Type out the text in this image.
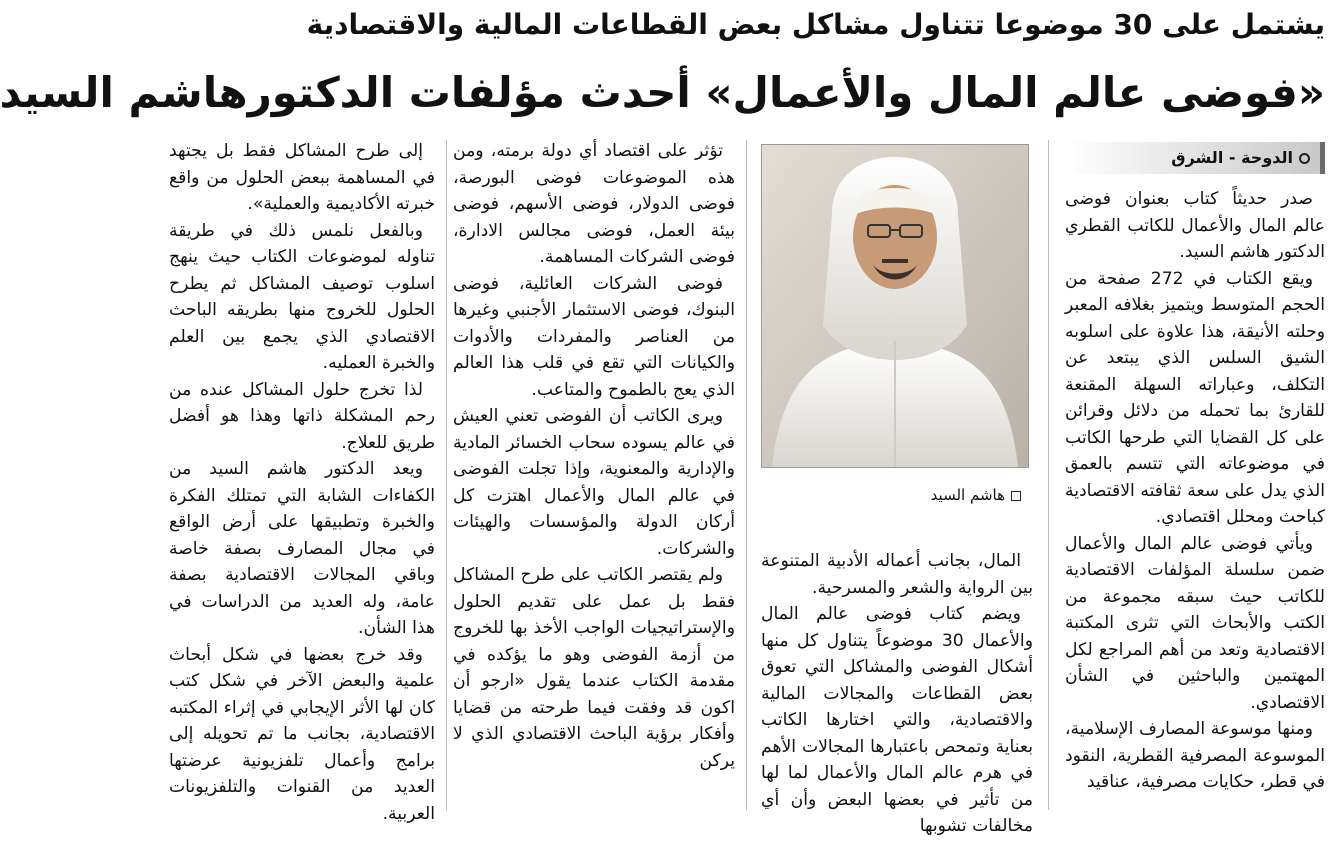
يشتمل على 30 موضوعا تتناول مشاكل بعض القطاعات المالية والاقتصادية
«فوضى عالم المال والأعمال» أحدث مؤلفات الدكتورهاشم السيد
الدوحة - الشرق

صدر حديثاً كتاب بعنوان فوضى عالم المال والأعمال للكاتب القطري الدكتور هاشم السيد.

ويقع الكتاب في 272 صفحة من الحجم المتوسط ويتميز بغلافه المعبر وحلته الأنيقة، هذا علاوة على اسلوبه الشيق السلس الذي يبتعد عن التكلف، وعباراته السهلة المقنعة للقارئ بما تحمله من دلائل وقرائن على كل القضايا التي طرحها الكاتب في موضوعاته التي تتسم بالعمق الذي يدل على سعة ثقافته الاقتصادية كباحث ومحلل اقتصادي.

ويأتي فوضى عالم المال والأعمال ضمن سلسلة المؤلفات الاقتصادية للكاتب حيث سبقه مجموعة من الكتب والأبحاث التي تثرى المكتبة الاقتصادية وتعد من أهم المراجع لكل المهتمين والباحثين في الشأن الاقتصادي.

ومنها موسوعة المصارف الإسلامية، الموسوعة المصرفية القطرية، النقود في قطر، حكايات مصرفية، عناقيد

هاشم السيد

المال، بجانب أعماله الأدبية المتنوعة بين الرواية والشعر والمسرحية.

ويضم كتاب فوضى عالم المال والأعمال 30 موضوعاً يتناول كل منها أشكال الفوضى والمشاكل التي تعوق بعض القطاعات والمجالات المالية والاقتصادية، والتي اختارها الكاتب بعناية وتمحص باعتبارها المجالات الأهم في هرم عالم المال والأعمال لما لها من تأثير في بعضها البعض وأن أي مخالفات تشوبها

تؤثر على اقتصاد أي دولة برمته، ومن هذه الموضوعات فوضى البورصة، فوضى الدولار، فوضى الأسهم، فوضى بيئة العمل، فوضى مجالس الادارة، فوضى الشركات المساهمة.

فوضى الشركات العائلية، فوضى البنوك، فوضى الاستثمار الأجنبي وغيرها من العناصر والمفردات والأدوات والكيانات التي تقع في قلب هذا العالم الذي يعج بالطموح والمتاعب.

ويرى الكاتب أن الفوضى تعني العيش في عالم يسوده سحاب الخسائر المادية والإدارية والمعنوية، وإذا تجلت الفوضى في عالم المال والأعمال اهتزت كل أركان الدولة والمؤسسات والهيئات والشركات.

ولم يقتصر الكاتب على طرح المشاكل فقط بل عمل على تقديم الحلول والإستراتيجيات الواجب الأخذ بها للخروج من أزمة الفوضى وهو ما يؤكده في مقدمة الكتاب عندما يقول «ارجو أن اكون قد وفقت فيما طرحته من قضايا وأفكار برؤية الباحث الاقتصادي الذي لا يركن

إلى طرح المشاكل فقط بل يجتهد في المساهمة ببعض الحلول من واقع خبرته الأكاديمية والعملية».

وبالفعل نلمس ذلك في طريقة تناوله لموضوعات الكتاب حيث ينهج اسلوب توصيف المشاكل ثم يطرح الحلول للخروج منها بطريقه الباحث الاقتصادي الذي يجمع بين العلم والخبرة العمليه.

لذا تخرج حلول المشاكل عنده من رحم المشكلة ذاتها وهذا هو أفضل طريق للعلاج.

ويعد الدكتور هاشم السيد من الكفاءات الشابة التي تمتلك الفكرة والخبرة وتطبيقها على أرض الواقع في مجال المصارف بصفة خاصة وباقي المجالات الاقتصادية بصفة عامة، وله العديد من الدراسات في هذا الشأن.

وقد خرج بعضها في شكل أبحاث علمية والبعض الآخر في شكل كتب كان لها الأثر الإيجابي في إثراء المكتبه الاقتصادية، بجانب ما تم تحويله إلى برامج وأعمال تلفزيونية عرضتها العديد من القنوات والتلفزيونات العربية.
